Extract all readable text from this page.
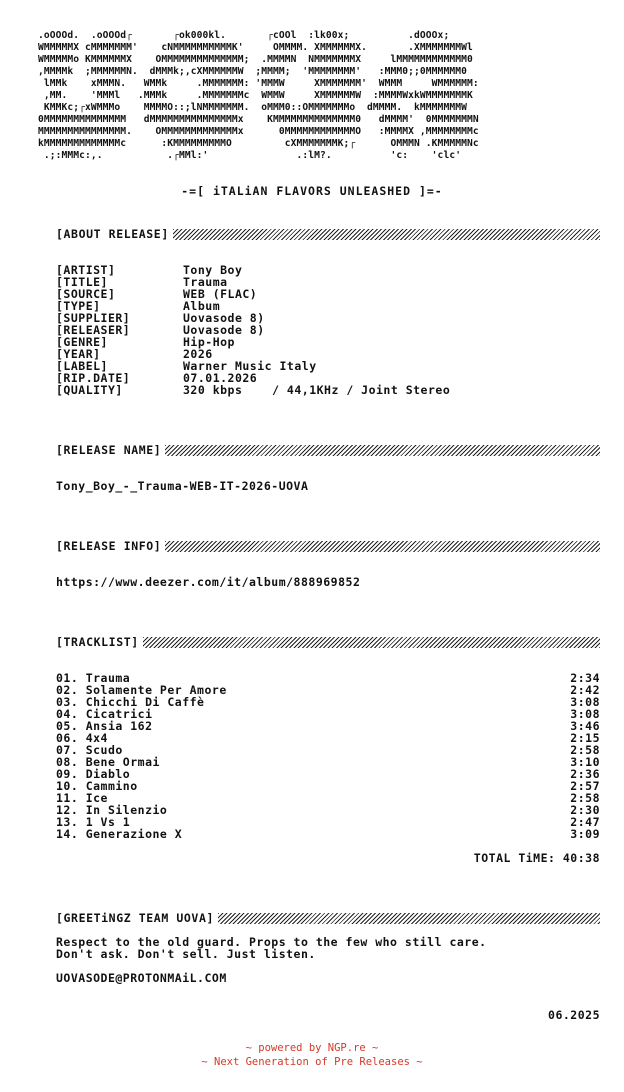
.oOOOd.  .oOOOd┌       ┌ok000kl.       ┌cOOl  :lk00x;          .dOOOx;
WMMMMMX cMMMMMMM'    cNMMMMMMMMMMK'     OMMMM. XMMMMMMX.       .XMMMMMMMWl
WMMMMMo KMMMMMMX    OMMMMMMMMMMMMMM;  .MMMMN  NMMMMMMMX     lMMMMMMMMMMMM0
,MMMMk  ;MMMMMMN.  dMMMk;,cXMMMMMMW  ;MMMM;  'MMMMMMMM'   :MMM0;;0MMMMMM0
lMMk    xMMMN.   WMMk     .MMMMMMM: 'MMMW     XMMMMMMM'  WMMM     WMMMMMM:
,MM.    'MMMl   .MMMk     .MMMMMMMc  WMMW     XMMMMMMW  :MMMMWxkWMMMMMMMK
KMMKc;┌xWMMMo    MMMMO::;lNMMMMMMM.  oMMM0::OMMMMMMMo  dMMMM.  kMMMMMMMW
0MMMMMMMMMMMMMM   dMMMMMMMMMMMMMMMx    KMMMMMMMMMMMMMM0   dMMMM'  0MMMMMMMN
MMMMMMMMMMMMMMM.    OMMMMMMMMMMMMMx      0MMMMMMMMMMMMO   :MMMMX ,MMMMMMMMc
kMMMMMMMMMMMMMc      :KMMMMMMMMMO         cXMMMMMMMK;┌      OMMMN .KMMMMMNc
.;:MMMc:,.           .┌MMl:'               .:lM?.          'c:    'clc'
-=[ iTALiAN FLAVORS UNLEASHED ]=-
[ABOUT RELEASE]
[ARTIST]	Tony Boy
[TITLE]	Trauma
[SOURCE]	WEB (FLAC)
[TYPE]	Album
[SUPPLIER]	Uovasode 8)
[RELEASER]	Uovasode 8)
[GENRE]	Hip-Hop
[YEAR]	2026
[LABEL]	Warner Music Italy
[RIP.DATE]	07.01.2026
[QUALITY]	320 kbps    / 44,1KHz / Joint Stereo
[RELEASE NAME]
Tony_Boy_-_Trauma-WEB-IT-2026-UOVA
[RELEASE INFO]
https://www.deezer.com/it/album/888969852
[TRACKLIST]
01. Trauma	2:34
02. Solamente Per Amore	2:42
03. Chicchi Di Caffè	3:08
04. Cicatrici	3:08
05. Ansia 162	3:46
06. 4x4	2:15
07. Scudo	2:58
08. Bene Ormai	3:10
09. Diablo	2:36
10. Cammino	2:57
11. Ice	2:58
12. In Silenzio	2:30
13. 1 Vs 1	2:47
14. Generazione X	3:09
TOTAL TiME: 40:38
[GREETiNGZ TEAM UOVA]
Respect to the old guard. Props to the few who still care.
Don't ask. Don't sell. Just listen.
UOVASODE@PROTONMAiL.COM
06.2025
~ powered by NGP.re ~
~ Next Generation of Pre Releases ~
